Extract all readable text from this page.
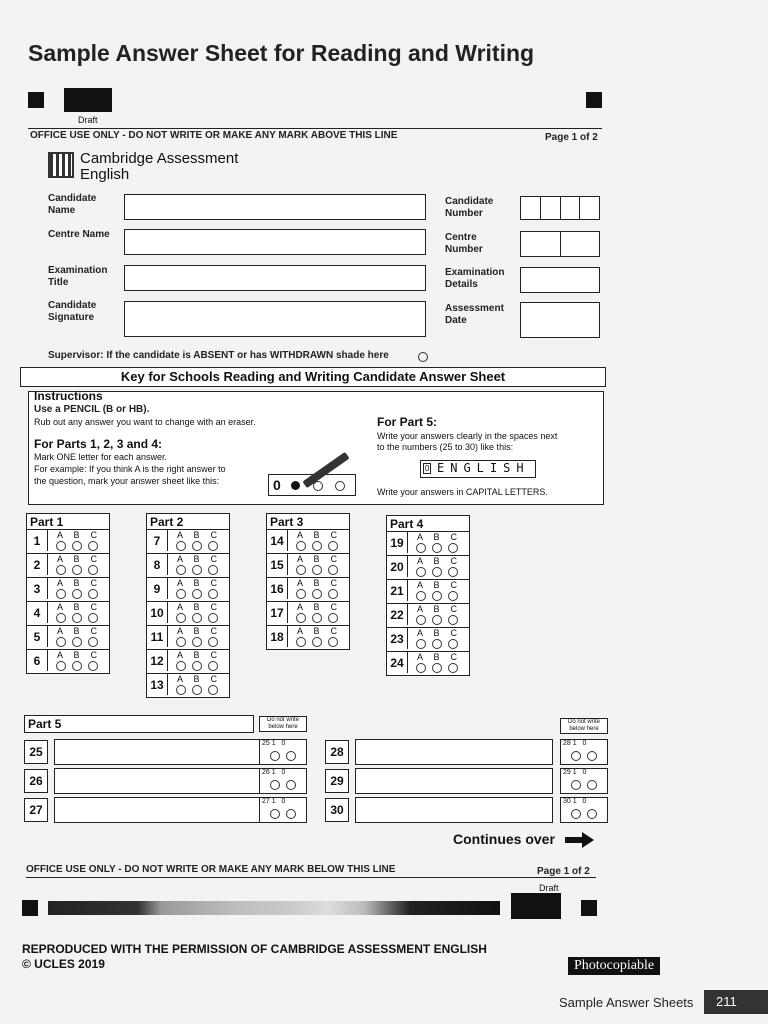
Sample Answer Sheet for Reading and Writing
Draft
OFFICE USE ONLY - DO NOT WRITE OR MAKE ANY MARK ABOVE THIS LINE	Page 1 of 2
Cambridge Assessment
English
Candidate Name
Centre Name
Examination Title
Candidate Signature
Candidate Number
Centre Number
Examination Details
Assessment Date
Supervisor: If the candidate is ABSENT or has WITHDRAWN shade here
Key for Schools Reading and Writing Candidate Answer Sheet
Instructions
Use a PENCIL (B or HB).
Rub out any answer you want to change with an eraser.
For Parts 1, 2, 3 and 4:
Mark ONE letter for each answer.
For example: If you think A is the right answer to
the question, mark your answer sheet like this:	0
For Part 5:
Write your answers clearly in the spaces next
to the numbers (25 to 30) like this:
0 ENGLISH
Write your answers in CAPITAL LETTERS.
Part 1
1	A  B  C
2	A  B  C
3	A  B  C
4	A  B  C
5	A  B  C
6	A  B  C
Part 2
7	A  B  C
8	A  B  C
9	A  B  C
10	A  B  C
11	A  B  C
12	A  B  C
13	A  B  C
Part 3
14	A  B  C
15	A  B  C
16	A  B  C
17	A  B  C
18	A  B  C
Part 4
19	A  B  C
20	A  B  C
21	A  B  C
22	A  B  C
23	A  B  C
24	A  B  C
Part 5	Do not write below here
Do not write below here
25
25 1   0
26
26 1   0
27
27 1   0
28
28 1   0
29
29 1   0
30
30 1   0
Continues over
OFFICE USE ONLY - DO NOT WRITE OR MAKE ANY MARK BELOW THIS LINE	Page 1 of 2
Draft
REPRODUCED WITH THE PERMISSION OF CAMBRIDGE ASSESSMENT ENGLISH
© UCLES 2019	Photocopiable
Sample Answer Sheets	211
